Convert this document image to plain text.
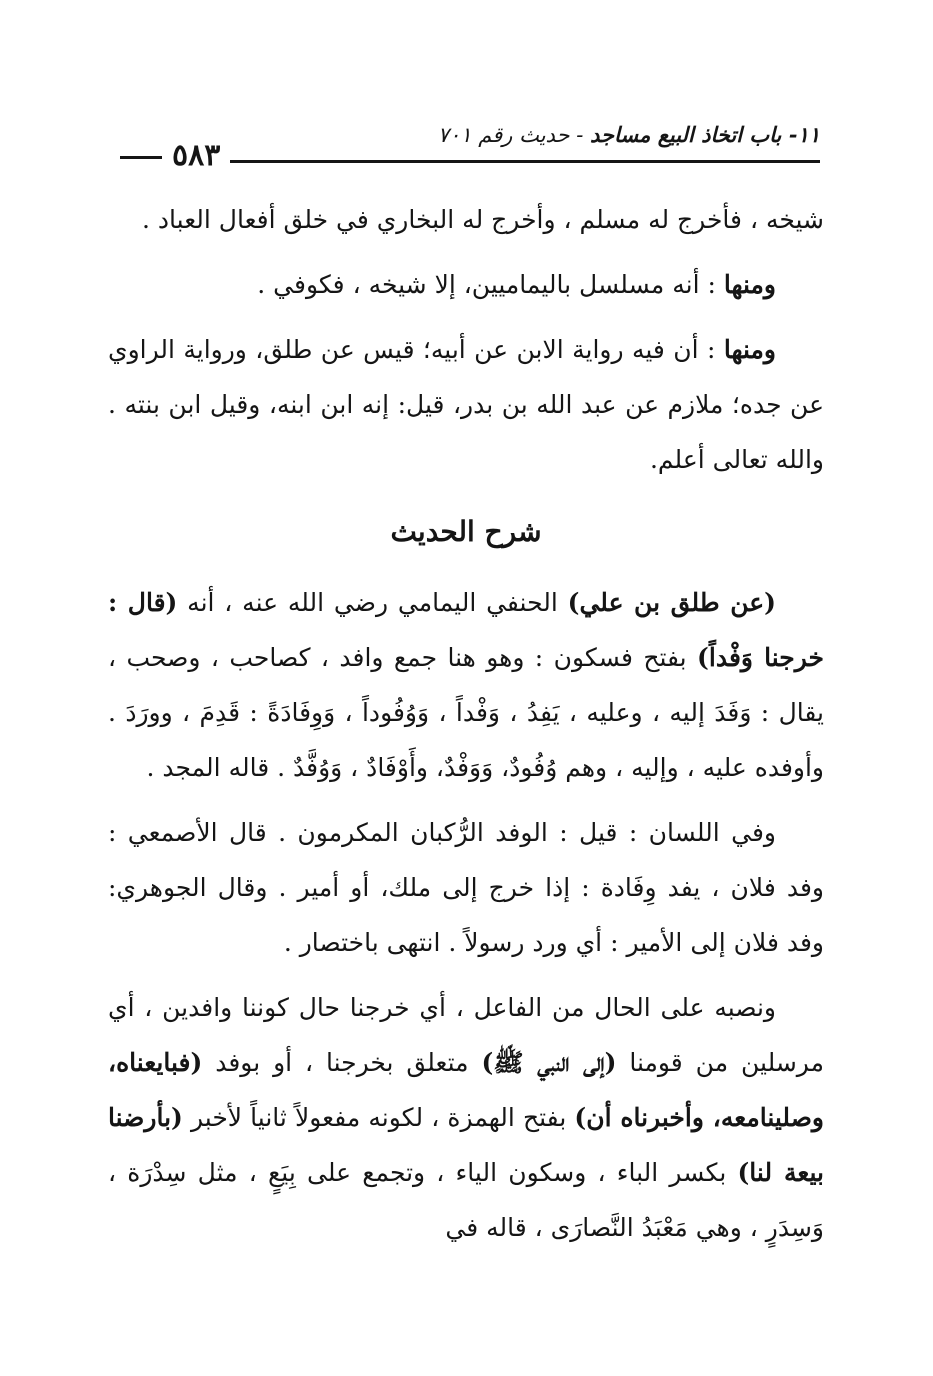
٥٨٣
١١- باب اتخاذ البيع مساجد - حديث رقم ٧٠١

شيخه ، فأخرج له مسلم ، وأخرج له البخاري في خلق أفعال العباد .

ومنها : أنه مسلسل باليماميين، إلا شيخه ، فكوفي .

ومنها : أن فيه رواية الابن عن أبيه؛ قيس عن طلق، ورواية الراوي عن جده؛ ملازم عن عبد الله بن بدر، قيل: إنه ابن ابنه، وقيل ابن بنته . والله تعالى أعلم.

شرح الحديث

(عن طلق بن علي) الحنفي اليمامي رضي الله عنه ، أنه (قال : خرجنا وَفْداً) بفتح فسكون : وهو هنا جمع وافد ، كصاحب ، وصحب ، يقال : وَفَدَ إليه ، وعليه ، يَفِدُ ، وَفْداً ، وَوُفُوداً ، وَوِفَادَةً : قَدِمَ ، وورَدَ . وأوفده عليه ، وإليه ، وهم وُفُودٌ، وَوَفْدٌ، وأَوْفَادٌ ، وَوُفَّدٌ . قاله المجد .

وفي اللسان : قيل : الوفد الرُّكبان المكرمون . قال الأصمعي : وفد فلان ، يفد وِفَادة : إذا خرج إلى ملك، أو أمير . وقال الجوهري: وفد فلان إلى الأمير : أي ورد رسولاً . انتهى باختصار .

ونصبه على الحال من الفاعل ، أي خرجنا حال كوننا وافدين ، أي مرسلين من قومنا (إلى النبي ﷺ) متعلق بخرجنا ، أو بوفد (فبايعناه، وصلينامعه، وأخبرناه أن) بفتح الهمزة ، لكونه مفعولاً ثانياً لأخبر (بأرضنا بيعة لنا) بكسر الباء ، وسكون الياء ، وتجمع على بِيَعٍ ، مثل سِدْرَة ، وَسِدَرٍ ، وهي مَعْبَدُ النَّصارَى ، قاله في
